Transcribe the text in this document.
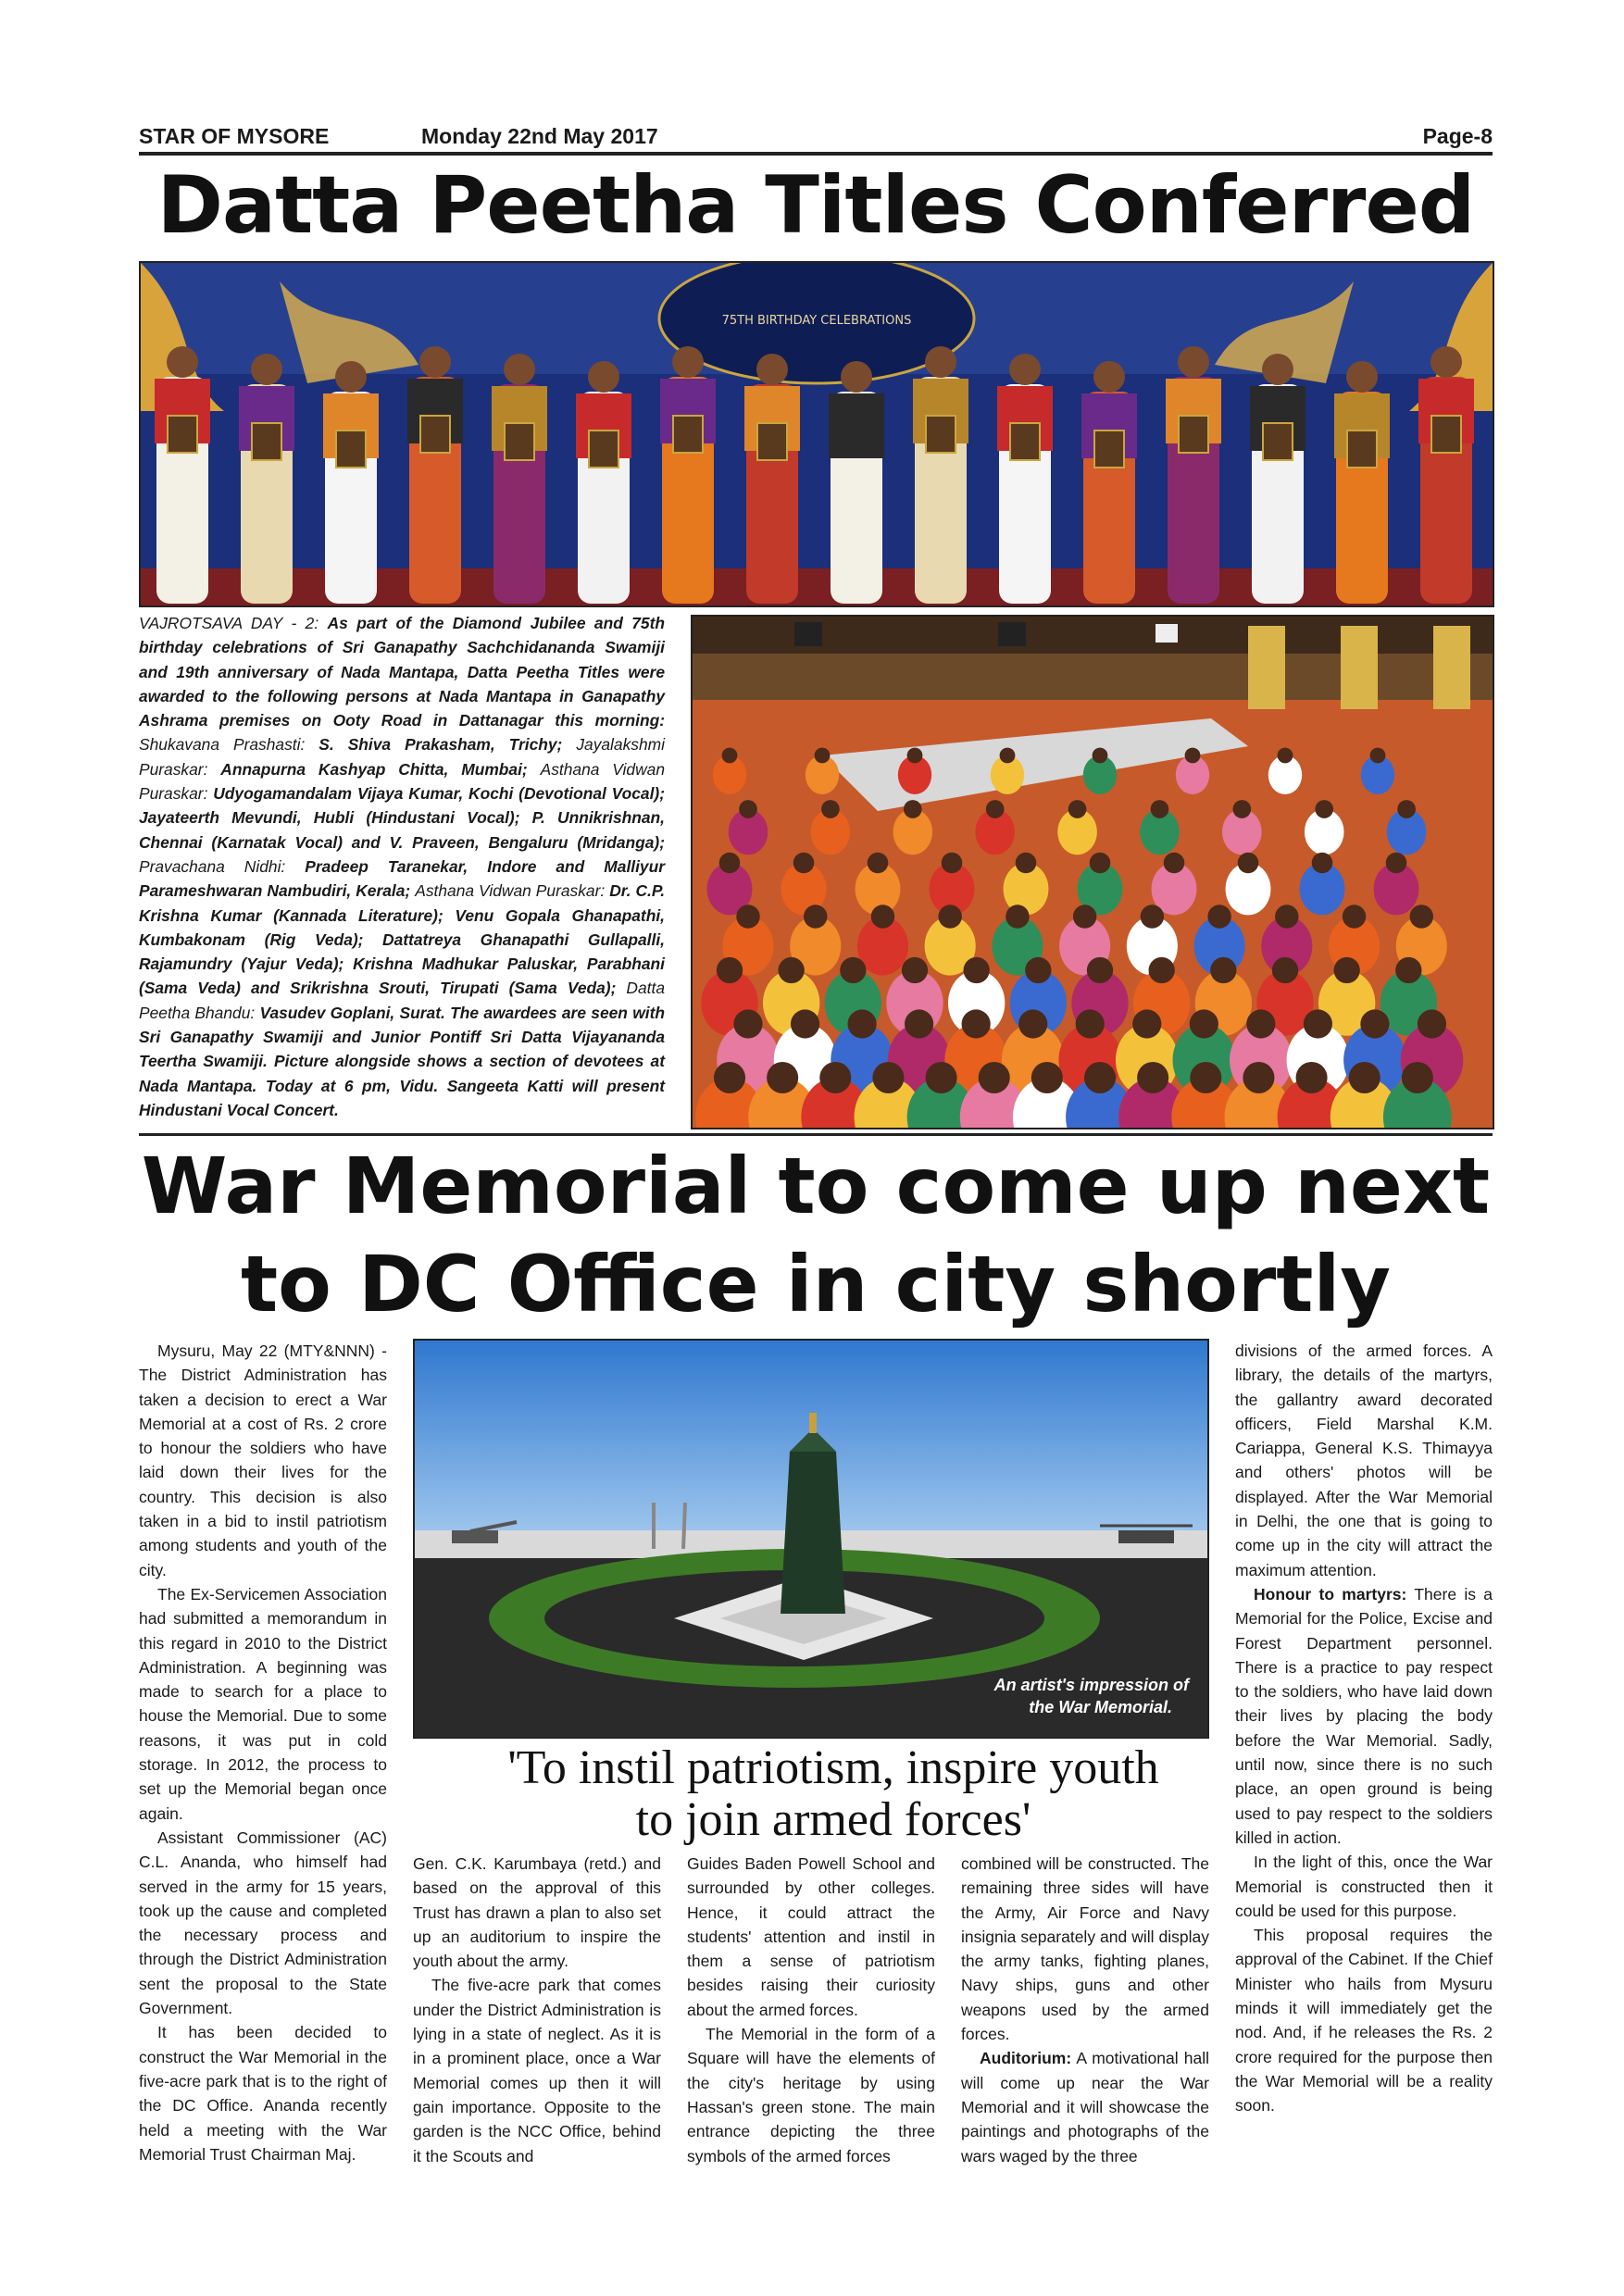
STAR OF MYSORE	Monday 22nd May 2017	Page-8
Datta Peetha Titles Conferred
75TH BIRTHDAY CELEBRATIONS
VAJROTSAVA DAY - 2: As part of the Diamond Jubilee and 75th birthday celebrations of Sri Ganapathy Sachchidananda Swamiji and 19th anniversary of Nada Mantapa, Datta Peetha Titles were awarded to the following persons at Nada Mantapa in Ganapathy Ashrama premises on Ooty Road in Dattanagar this morning: Shukavana Prashasti: S. Shiva Prakasham, Trichy; Jayalakshmi Puraskar: Annapurna Kashyap Chitta, Mumbai; Asthana Vidwan Puraskar: Udyogamandalam Vijaya Kumar, Kochi (Devotional Vocal); Jayateerth Mevundi, Hubli (Hindustani Vocal); P. Unnikrishnan, Chennai (Karnatak Vocal) and V. Praveen, Bengaluru (Mridanga); Pravachana Nidhi: Pradeep Taranekar, Indore and Malliyur Parameshwaran Nambudiri, Kerala; Asthana Vidwan Puraskar: Dr. C.P. Krishna Kumar (Kannada Literature); Venu Gopala Ghanapathi, Kumbakonam (Rig Veda); Dattatreya Ghanapathi Gullapalli, Rajamundry (Yajur Veda); Krishna Madhukar Paluskar, Parabhani (Sama Veda) and Srikrishna Srouti, Tirupati (Sama Veda); Datta Peetha Bhandu: Vasudev Goplani, Surat. The awardees are seen with Sri Ganapathy Swamiji and Junior Pontiff Sri Datta Vijayananda Teertha Swamiji. Picture alongside shows a section of devotees at Nada Mantapa. Today at 6 pm, Vidu. Sangeeta Katti will present Hindustani Vocal Concert.
War Memorial to come up next
to DC Office in city shortly

Mysuru, May 22 (MTY&NNN) - The District Administration has taken a decision to erect a War Memorial at a cost of Rs. 2 crore to honour the soldiers who have laid down their lives for the country. This decision is also taken in a bid to instil patriotism among students and youth of the city.

The Ex-Servicemen Association had submitted a memorandum in this regard in 2010 to the District Administration. A beginning was made to search for a place to house the Memorial. Due to some reasons, it was put in cold storage. In 2012, the process to set up the Memorial began once again.

Assistant Commissioner (AC) C.L. Ananda, who himself had served in the army for 15 years, took up the cause and completed the necessary process and through the District Administration sent the proposal to the State Government.

It has been decided to construct the War Memorial in the five-acre park that is to the right of the DC Office. Ananda recently held a meeting with the War Memorial Trust Chairman Maj.

An artist's impression of
the War Memorial.
'To instil patriotism, inspire youth
to join armed forces'

Gen. C.K. Karumbaya (retd.) and based on the approval of this Trust has drawn a plan to also set up an auditorium to inspire the youth about the army.

The five-acre park that comes under the District Administration is lying in a state of neglect. As it is in a prominent place, once a War Memorial comes up then it will gain importance. Opposite to the garden is the NCC Office, behind it the Scouts and

Guides Baden Powell School and surrounded by other colleges. Hence, it could attract the students' attention and instil in them a sense of patriotism besides raising their curiosity about the armed forces.

The Memorial in the form of a Square will have the elements of the city's heritage by using Hassan's green stone. The main entrance depicting the three symbols of the armed forces

combined will be constructed. The remaining three sides will have the Army, Air Force and Navy insignia separately and will display the army tanks, fighting planes, Navy ships, guns and other weapons used by the armed forces.

Auditorium: A motivational hall will come up near the War Memorial and it will showcase the paintings and photographs of the wars waged by the three

divisions of the armed forces. A library, the details of the martyrs, the gallantry award decorated officers, Field Marshal K.M. Cariappa, General K.S. Thimayya and others' photos will be displayed. After the War Memorial in Delhi, the one that is going to come up in the city will attract the maximum attention.

Honour to martyrs: There is a Memorial for the Police, Excise and Forest Department personnel. There is a practice to pay respect to the soldiers, who have laid down their lives by placing the body before the War Memorial. Sadly, until now, since there is no such place, an open ground is being used to pay respect to the soldiers killed in action.

In the light of this, once the War Memorial is constructed then it could be used for this purpose.

This proposal requires the approval of the Cabinet. If the Chief Minister who hails from Mysuru minds it will immediately get the nod. And, if he releases the Rs. 2 crore required for the purpose then the War Memorial will be a reality soon.
